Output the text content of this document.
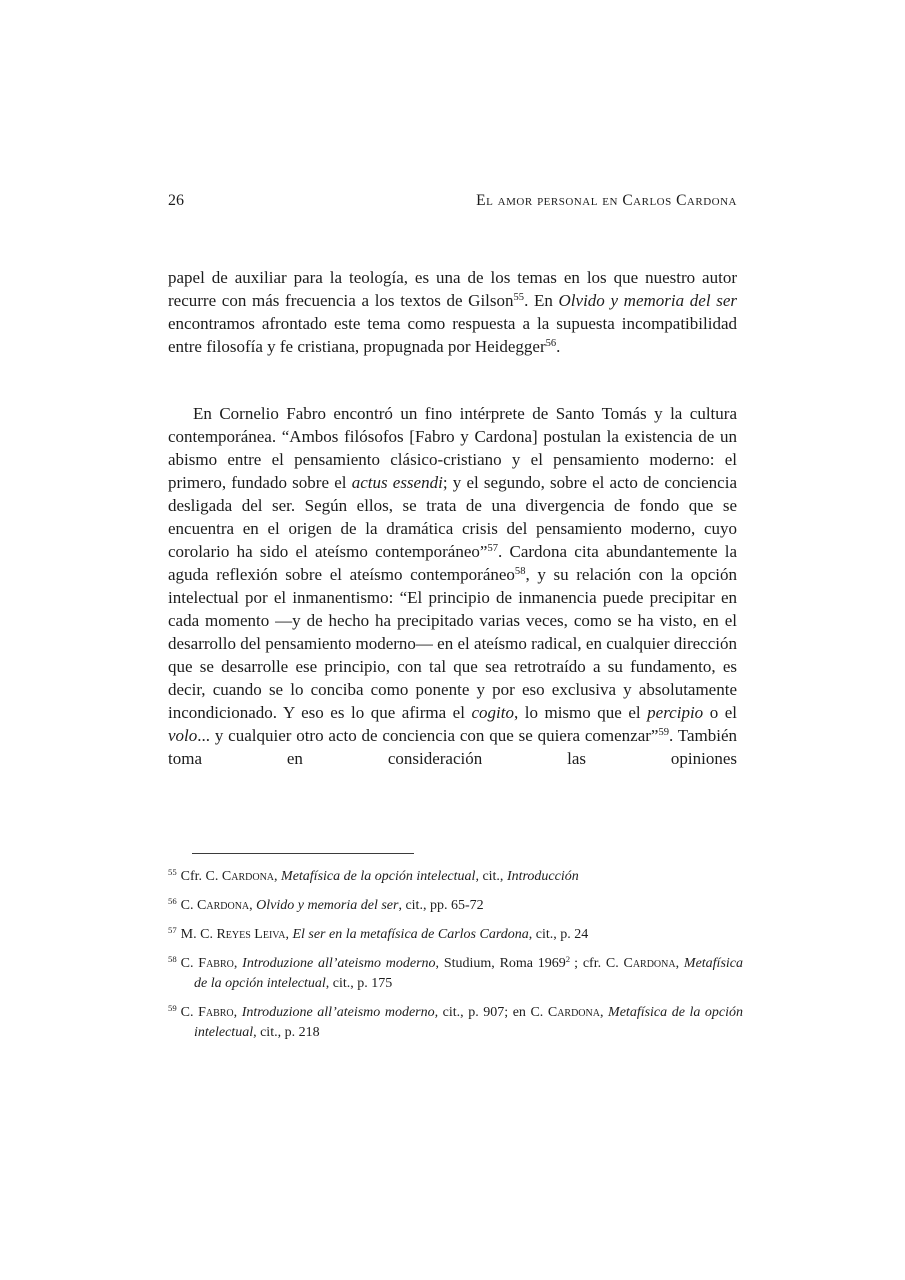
26	El amor personal en Carlos Cardona

papel de auxiliar para la teología, es una de los temas en los que nuestro autor recurre con más frecuencia a los textos de Gilson$^{55}$. En Olvido y memoria del ser encontramos afrontado este tema como respuesta a la supuesta incompatibilidad entre filosofía y fe cristiana, propugnada por Heidegger$^{56}$.

En Cornelio Fabro encontró un fino intérprete de Santo Tomás y la cultura contemporánea. “Ambos filósofos [Fabro y Cardona] postulan la existencia de un abismo entre el pensamiento clásico-cristiano y el pensamiento moderno: el primero, fundado sobre el actus essendi; y el segundo, sobre el acto de conciencia desligada del ser. Según ellos, se trata de una divergencia de fondo que se encuentra en el origen de la dramática crisis del pensamiento moderno, cuyo corolario ha sido el ateísmo contemporáneo”$^{57}$. Cardona cita abundantemente la aguda reflexión sobre el ateísmo contemporáneo$^{58}$, y su relación con la opción intelectual por el inmanentismo: “El principio de inmanencia puede precipitar en cada momento —y de hecho ha precipitado varias veces, como se ha visto, en el desarrollo del pensamiento moderno— en el ateísmo radical, en cualquier dirección que se desarrolle ese principio, con tal que sea retrotraído a su fundamento, es decir, cuando se lo conciba como ponente y por eso exclusiva y absolutamente incondicionado. Y eso es lo que afirma el cogito, lo mismo que el percipio o el volo... y cualquier otro acto de conciencia con que se quiera comenzar”$^{59}$. También toma en consideración las opiniones

$^{55}$ Cfr. C. Cardona, Metafísica de la opción intelectual, cit., Introducción
$^{56}$ C. Cardona, Olvido y memoria del ser, cit., pp. 65-72
$^{57}$ M. C. Reyes Leiva, El ser en la metafísica de Carlos Cardona, cit., p. 24
$^{58}$ C. Fabro, Introduzione all’ateismo moderno, Studium, Roma 1969$^2$ ; cfr. C. Cardona, Metafísica de la opción intelectual, cit., p. 175
$^{59}$ C. Fabro, Introduzione all’ateismo moderno, cit., p. 907; en C. Cardona, Metafísica de la opción intelectual, cit., p. 218
